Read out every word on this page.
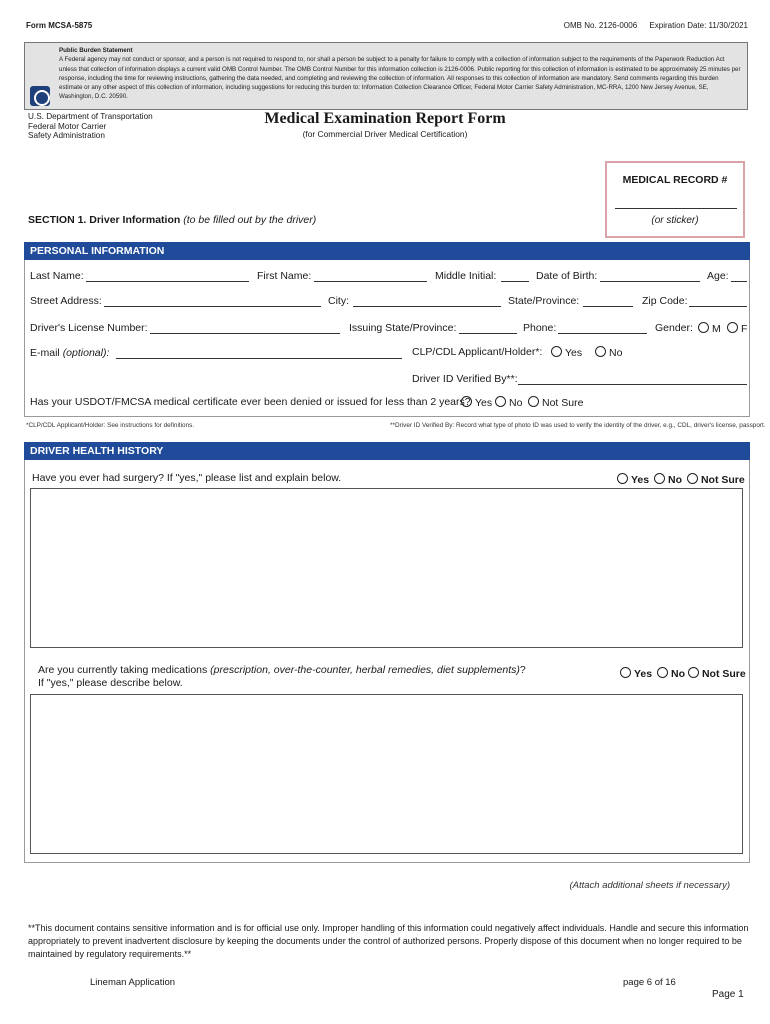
Form MCSA-5875	OMB No. 2126-0006 Expiration Date: 11/30/2021
Public Burden Statement
A Federal agency may not conduct or sponsor, and a person is not required to respond to, nor shall a person be subject to a penalty for failure to comply with a collection of information subject to the requirements of the Paperwork Reduction Act unless that collection of information displays a current valid OMB Control Number. The OMB Control Number for this information collection is 2126-0006. Public reporting for this collection of information is estimated to be approximately 25 minutes per response, including the time for reviewing instructions, gathering the data needed, and completing and reviewing the collection of information. All responses to this collection of information are mandatory. Send comments regarding this burden estimate or any other aspect of this collection of information, including suggestions for reducing this burden to: Information Collection Clearance Officer, Federal Motor Carrier Safety Administration, MC-RRA, 1200 New Jersey Avenue, SE, Washington, D.C. 20590.
U.S. Department of Transportation
Federal Motor Carrier
Safety Administration
Medical Examination Report Form
(for Commercial Driver Medical Certification)
MEDICAL RECORD #
(or sticker)
SECTION 1. Driver Information (to be filled out by the driver)
PERSONAL INFORMATION
Last Name:	First Name:	Middle Initial:	Date of Birth:	Age:
Street Address:	City:	State/Province:	Zip Code:
Driver's License Number:	Issuing State/Province:	Phone:	Gender:	M	F
E-mail (optional):	CLP/CDL Applicant/Holder*:	Yes	No
Driver ID Verified By**:
Has your USDOT/FMCSA medical certificate ever been denied or issued for less than 2 years? Yes	No	Not Sure
*CLP/CDL Applicant/Holder: See instructions for definitions.	**Driver ID Verified By: Record what type of photo ID was used to verify the identity of the driver, e.g., CDL, driver's license, passport.
DRIVER HEALTH HISTORY
Have you ever had surgery? If "yes," please list and explain below.	Yes No Not Sure
Are you currently taking medications (prescription, over-the-counter, herbal remedies, diet supplements)?
If "yes," please describe below.
Yes No Not Sure
(Attach additional sheets if necessary)
**This document contains sensitive information and is for official use only. Improper handling of this information could negatively affect individuals. Handle and secure this information appropriately to prevent inadvertent disclosure by keeping the documents under the control of authorized persons. Properly dispose of this document when no longer required to be maintained by regulatory requirements.**
Lineman Application	page 6 of 16
Page 1
